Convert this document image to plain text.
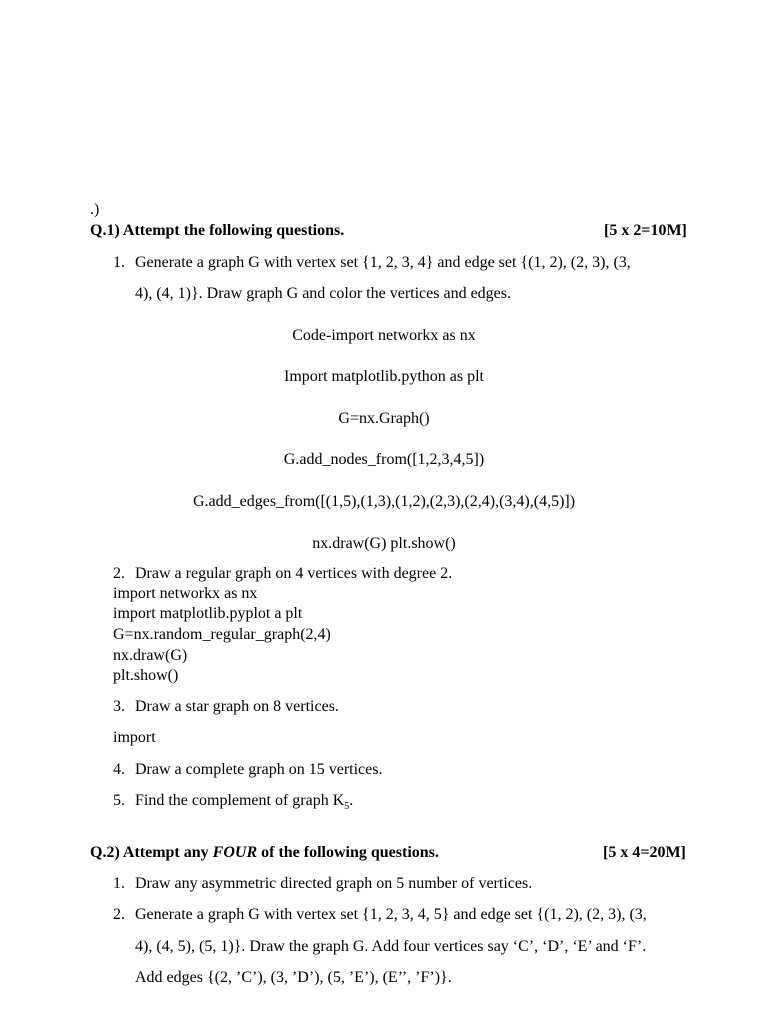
.)
Q.1) Attempt the following questions.	[5 x 2=10M]
1. Generate a graph G with vertex set {1, 2, 3, 4} and edge set {(1, 2), (2, 3), (3,
4), (4, 1)}. Draw graph G and color the vertices and edges.
Code-import networkx as nx
Import matplotlib.python as plt
G=nx.Graph()
G.add_nodes_from([1,2,3,4,5])
G.add_edges_from([(1,5),(1,3),(1,2),(2,3),(2,4),(3,4),(4,5)])
nx.draw(G) plt.show()
2. Draw a regular graph on 4 vertices with degree 2.
import networkx as nx
import matplotlib.pyplot a plt
G=nx.random_regular_graph(2,4)
nx.draw(G)
plt.show()
3. Draw a star graph on 8 vertices.
import
4. Draw a complete graph on 15 vertices.
5. Find the complement of graph $K_5$.
Q.2) Attempt any FOUR of the following questions.	[5 x 4=20M]
1. Draw any asymmetric directed graph on 5 number of vertices.
2. Generate a graph G with vertex set {1, 2, 3, 4, 5} and edge set {(1, 2), (2, 3), (3,
4), (4, 5), (5, 1)}. Draw the graph G. Add four vertices say ‘C’, ‘D’, ‘E’ and ‘F’.
Add edges {(2, ’C’), (3, ’D’), (5, ’E’), (E’’, ’F’)}.
